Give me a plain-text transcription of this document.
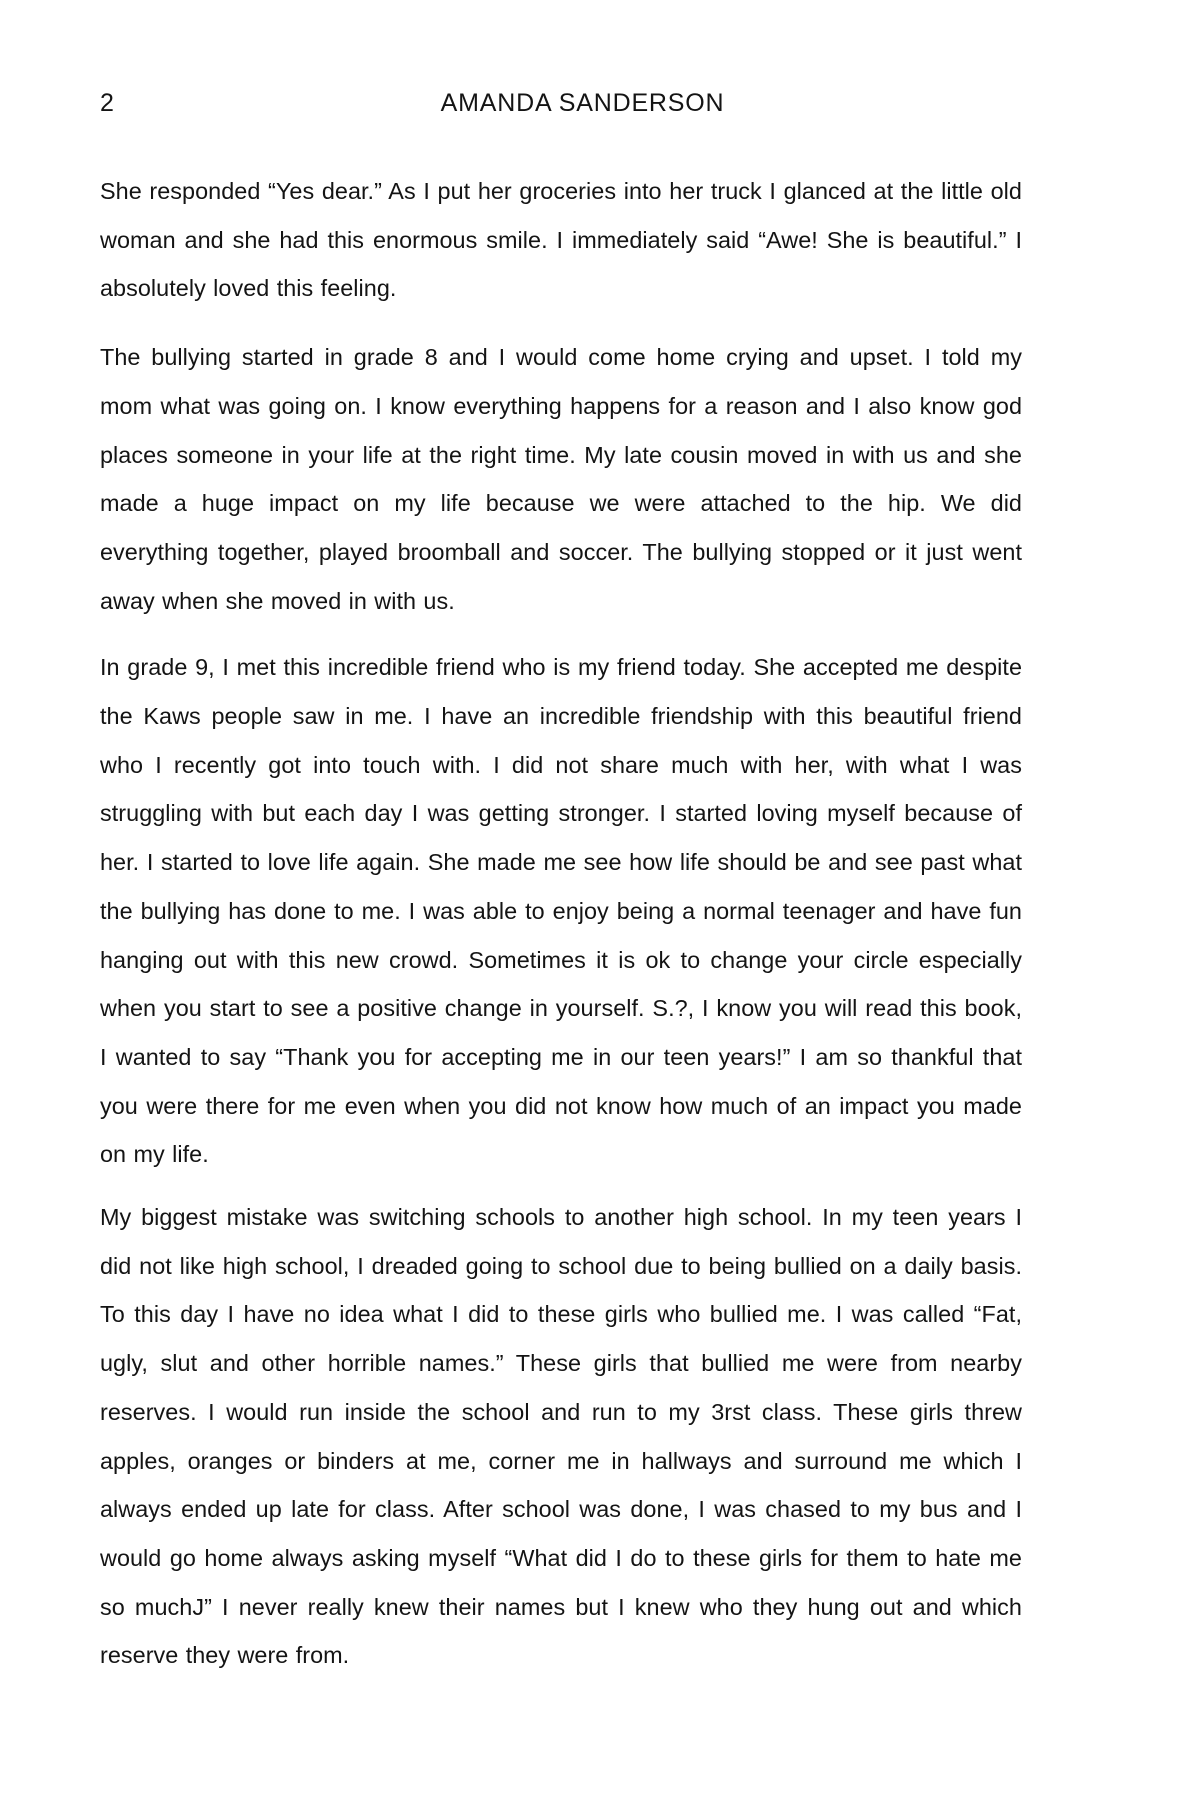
2	AMANDA SANDERSON

She responded “Yes dear.” As I put her groceries into her truck I glanced at the little old woman and she had this enormous smile. I immediately said “Awe! She is beautiful.” I absolutely loved this feeling.

The bullying started in grade 8 and I would come home crying and upset. I told my mom what was going on. I know everything happens for a reason and I also know god places someone in your life at the right time. My late cousin moved in with us and she made a huge impact on my life because we were attached to the hip. We did everything together, played broomball and soccer. The bullying stopped or it just went away when she moved in with us.

In grade 9, I met this incredible friend who is my friend today. She accepted me despite the Kaws people saw in me. I have an incredible friendship with this beautiful friend who I recently got into touch with. I did not share much with her, with what I was struggling with but each day I was getting stronger. I started loving myself because of her. I started to love life again. She made me see how life should be and see past what the bullying has done to me. I was able to enjoy being a normal teenager and have fun hanging out with this new crowd. Sometimes it is ok to change your circle especially when you start to see a positive change in yourself. S.?, I know you will read this book, I wanted to say “Thank you for accepting me in our teen years!” I am so thankful that you were there for me even when you did not know how much of an impact you made on my life.

My biggest mistake was switching schools to another high school. In my teen years I did not like high school, I dreaded going to school due to being bullied on a daily basis. To this day I have no idea what I did to these girls who bullied me. I was called “Fat, ugly, slut and other horrible names.” These girls that bullied me were from nearby reserves. I would run inside the school and run to my 3rst class. These girls threw apples, oranges or binders at me, corner me in hallways and surround me which I always ended up late for class. After school was done, I was chased to my bus and I would go home always asking myself “What did I do to these girls for them to hate me so muchJ” I never really knew their names but I knew who they hung out and which reserve they were from.
